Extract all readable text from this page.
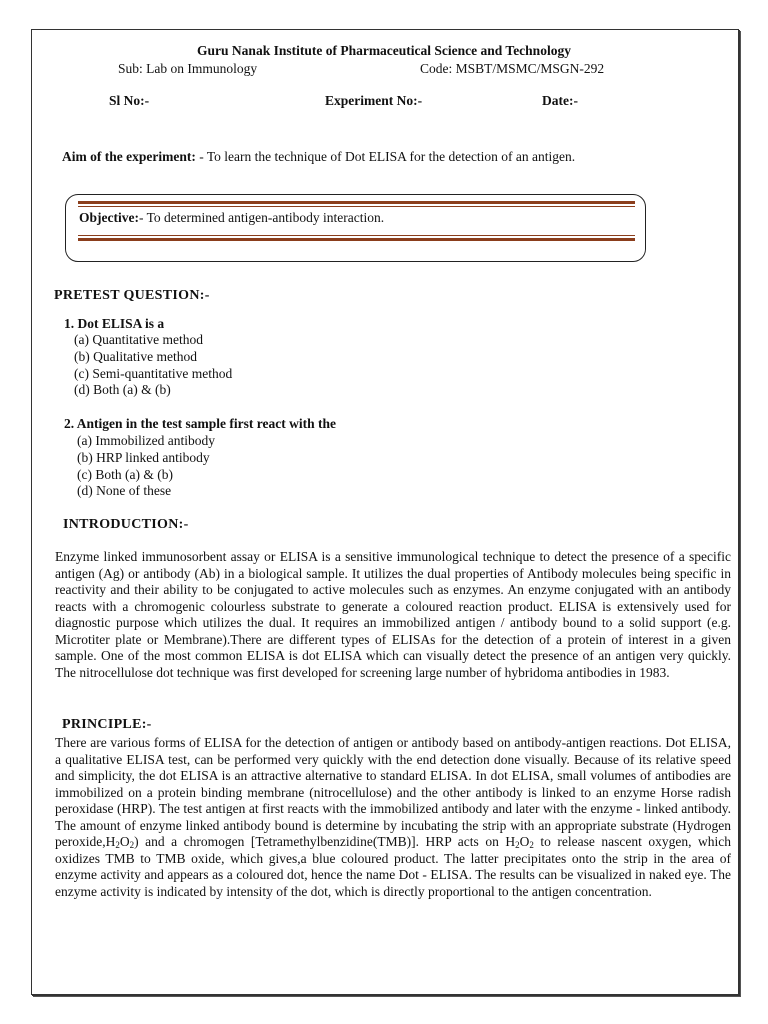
Guru Nanak Institute of Pharmaceutical Science and Technology
Sub: Lab on Immunology	Code: MSBT/MSMC/MSGN-292
Sl No:-	Experiment No:-	Date:-
Aim of the experiment: - To learn the technique of Dot ELISA for the detection of an antigen.
Objective:- To determined antigen-antibody interaction.
PRETEST QUESTION:-
1. Dot ELISA is a
(a) Quantitative method
(b) Qualitative method
(c) Semi-quantitative method
(d) Both (a) & (b)
2. Antigen in the test sample first react with the
(a) Immobilized antibody
(b) HRP linked antibody
(c) Both (a) & (b)
(d) None of these
INTRODUCTION:-
Enzyme linked immunosorbent assay or ELISA is a sensitive immunological technique to detect the presence of a specific antigen (Ag) or antibody (Ab) in a biological sample. It utilizes the dual properties of Antibody molecules being specific in reactivity and their ability to be conjugated to active molecules such as enzymes. An enzyme conjugated with an antibody reacts with a chromogenic colourless substrate to generate a coloured reaction product. ELISA is extensively used for diagnostic purpose which utilizes the dual. It requires an immobilized antigen / antibody bound to a solid support (e.g. Microtiter plate or Membrane).There are different types of ELISAs for the detection of a protein of interest in a given sample. One of the most common ELISA is dot ELISA which can visually detect the presence of an antigen very quickly. The nitrocellulose dot technique was first developed for screening large number of hybridoma antibodies in 1983.
PRINCIPLE:-
There are various forms of ELISA for the detection of antigen or antibody based on antibody-antigen reactions. Dot ELISA, a qualitative ELISA test, can be performed very quickly with the end detection done visually. Because of its relative speed and simplicity, the dot ELISA is an attractive alternative to standard ELISA. In dot ELISA, small volumes of antibodies are immobilized on a protein binding membrane (nitrocellulose) and the other antibody is linked to an enzyme Horse radish peroxidase (HRP). The test antigen at first reacts with the immobilized antibody and later with the enzyme - linked antibody. The amount of enzyme linked antibody bound is determine by incubating the strip with an appropriate substrate (Hydrogen $peroxide,H_2O_2$) and a chromogen [Tetramethylbenzidine(TMB)]. HRP acts on $H_2O_2$ to release nascent oxygen, which oxidizes TMB to TMB oxide, which gives,a blue coloured product. The latter precipitates onto the strip in the area of enzyme activity and appears as a coloured dot, hence the name Dot - ELISA. The results can be visualized in naked eye. The enzyme activity is indicated by intensity of the dot, which is directly proportional to the antigen concentration.
